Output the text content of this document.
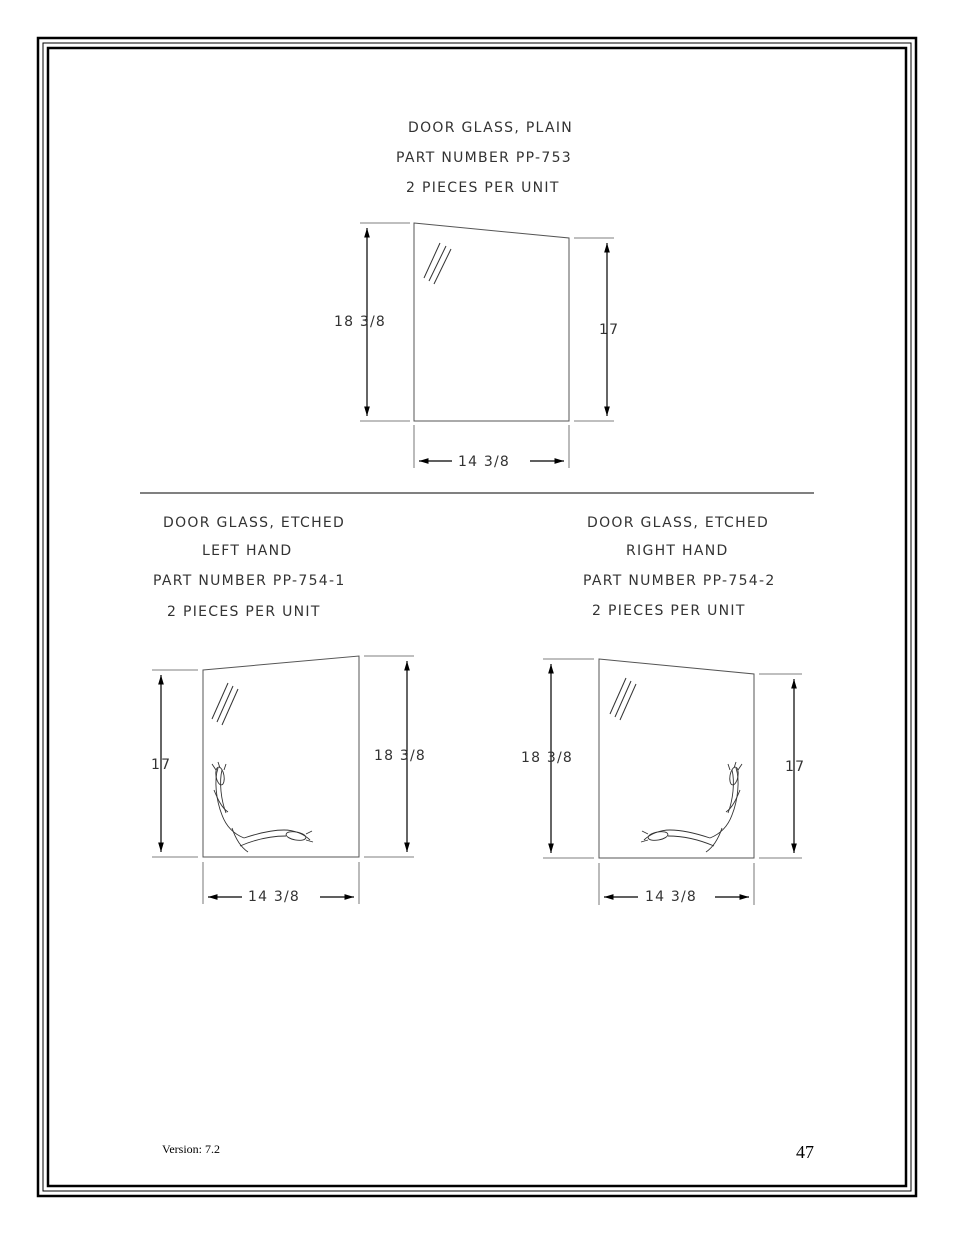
DOOR GLASS, PLAIN
PART NUMBER PP-753
2 PIECES PER UNIT
18 3/8	17
14 3/8
DOOR GLASS, ETCHED
LEFT HAND
PART NUMBER PP-754-1
2 PIECES PER UNIT
17
18 3/8
14 3/8
DOOR GLASS, ETCHED
RIGHT HAND
PART NUMBER PP-754-2
2 PIECES PER UNIT
18 3/8
17
14 3/8
Version: 7.2	47
